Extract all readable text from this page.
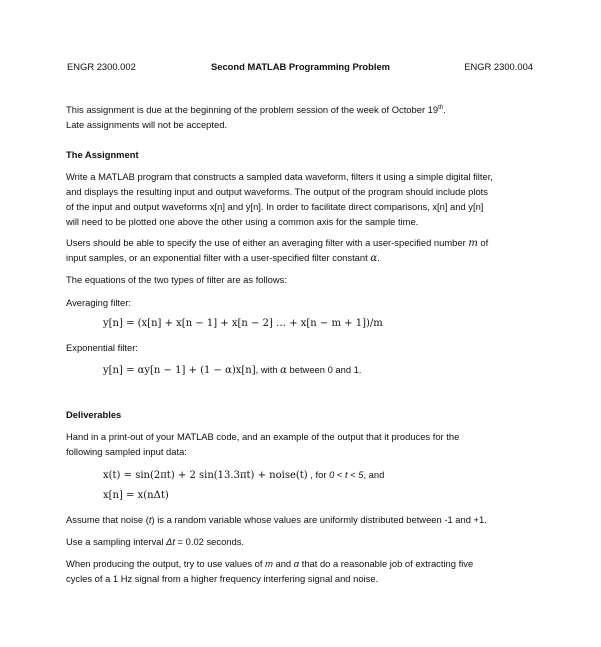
ENGR 2300.002	Second MATLAB Programming Problem	ENGR 2300.004
This assignment is due at the beginning of the problem session of the week of October 19th.
Late assignments will not be accepted.
The Assignment
Write a MATLAB program that constructs a sampled data waveform, filters it using a simple digital filter,
and displays the resulting input and output waveforms. The output of the program should include plots
of the input and output waveforms x[n] and y[n]. In order to facilitate direct comparisons, x[n] and y[n]
will need to be plotted one above the other using a common axis for the sample time.
Users should be able to specify the use of either an averaging filter with a user-specified number m of
input samples, or an exponential filter with a user-specified filter constant α.
The equations of the two types of filter are as follows:
Averaging filter:
y[n] = (x[n] + x[n − 1] + x[n − 2] … + x[n − m + 1])/m
Exponential filter:
y[n] = αy[n − 1] + (1 − α)x[n], with α between 0 and 1.
Deliverables
Hand in a print-out of your MATLAB code, and an example of the output that it produces for the
following sampled input data:
x(t) = sin(2πt) + 2 sin(13.3πt) + noise(t) , for 0 < t < 5, and
x[n] = x(nΔt)
Assume that noise (t) is a random variable whose values are uniformly distributed between -1 and +1.
Use a sampling interval Δt = 0.02 seconds.
When producing the output, try to use values of m and α that do a reasonable job of extracting five
cycles of a 1 Hz signal from a higher frequency interfering signal and noise.
